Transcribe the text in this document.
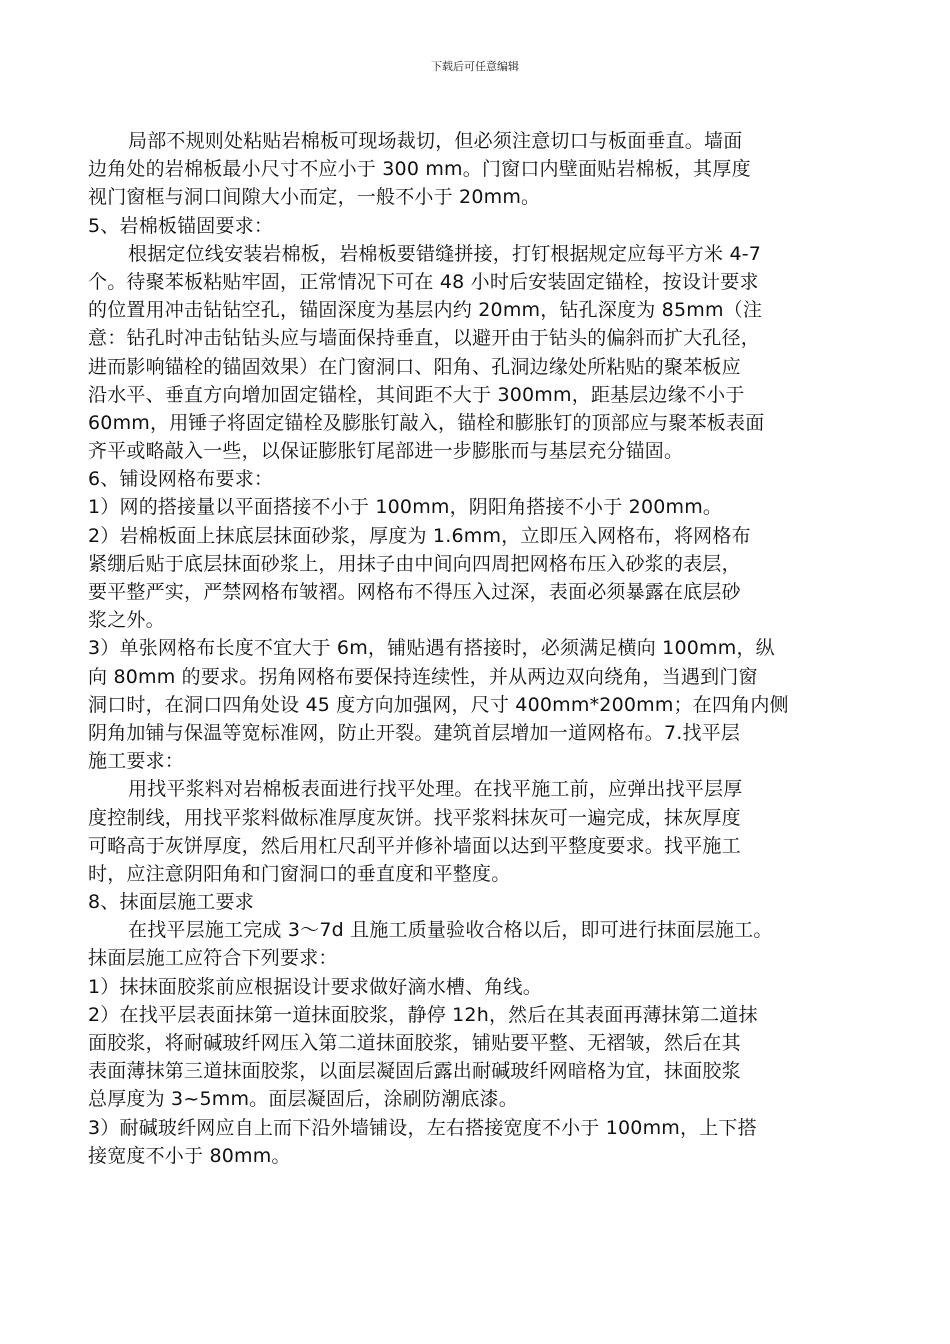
下载后可任意编辑
局部不规则处粘贴岩棉板可现场裁切，但必须注意切口与板面垂直。墙面
边角处的岩棉板最小尺寸不应小于 300 mm。门窗口内壁面贴岩棉板，其厚度
视门窗框与洞口间隙大小而定，一般不小于 20mm。
5、岩棉板锚固要求：
根据定位线安装岩棉板，岩棉板要错缝拼接，打钉根据规定应每平方米 4-7
个。待聚苯板粘贴牢固，正常情况下可在 48 小时后安装固定锚栓，按设计要求
的位置用冲击钻钻空孔，锚固深度为基层内约 20mm，钻孔深度为 85mm（注
意：钻孔时冲击钻钻头应与墙面保持垂直，以避开由于钻头的偏斜而扩大孔径，
进而影响锚栓的锚固效果）在门窗洞口、阳角、孔洞边缘处所粘贴的聚苯板应
沿水平、垂直方向增加固定锚栓，其间距不大于 300mm，距基层边缘不小于
60mm，用锤子将固定锚栓及膨胀钉敲入，锚栓和膨胀钉的顶部应与聚苯板表面
齐平或略敲入一些，以保证膨胀钉尾部进一步膨胀而与基层充分锚固。
6、铺设网格布要求：
1）网的搭接量以平面搭接不小于 100mm，阴阳角搭接不小于 200mm。
2）岩棉板面上抹底层抹面砂浆，厚度为 1.6mm，立即压入网格布，将网格布
紧绷后贴于底层抹面砂浆上，用抹子由中间向四周把网格布压入砂浆的表层，
要平整严实，严禁网格布皱褶。网格布不得压入过深，表面必须暴露在底层砂
浆之外。
3）单张网格布长度不宜大于 6m，铺贴遇有搭接时，必须满足横向 100mm，纵
向 80mm 的要求。拐角网格布要保持连续性，并从两边双向绕角，当遇到门窗
洞口时，在洞口四角处设 45 度方向加强网，尺寸 400mm*200mm；在四角内侧
阴角加铺与保温等宽标准网，防止开裂。建筑首层增加一道网格布。7.找平层
施工要求：
用找平浆料对岩棉板表面进行找平处理。在找平施工前，应弹出找平层厚
度控制线，用找平浆料做标准厚度灰饼。找平浆料抹灰可一遍完成，抹灰厚度
可略高于灰饼厚度，然后用杠尺刮平并修补墙面以达到平整度要求。找平施工
时，应注意阴阳角和门窗洞口的垂直度和平整度。
8、抹面层施工要求
在找平层施工完成 3～7d 且施工质量验收合格以后，即可进行抹面层施工。
抹面层施工应符合下列要求：
1）抹抹面胶浆前应根据设计要求做好滴水槽、角线。
2）在找平层表面抹第一道抹面胶浆，静停 12h，然后在其表面再薄抹第二道抹
面胶浆，将耐碱玻纤网压入第二道抹面胶浆，铺贴要平整、无褶皱，然后在其
表面薄抹第三道抹面胶浆，以面层凝固后露出耐碱玻纤网暗格为宜，抹面胶浆
总厚度为 3~5mm。面层凝固后，涂刷防潮底漆。
3）耐碱玻纤网应自上而下沿外墙铺设，左右搭接宽度不小于 100mm，上下搭
接宽度不小于 80mm。
